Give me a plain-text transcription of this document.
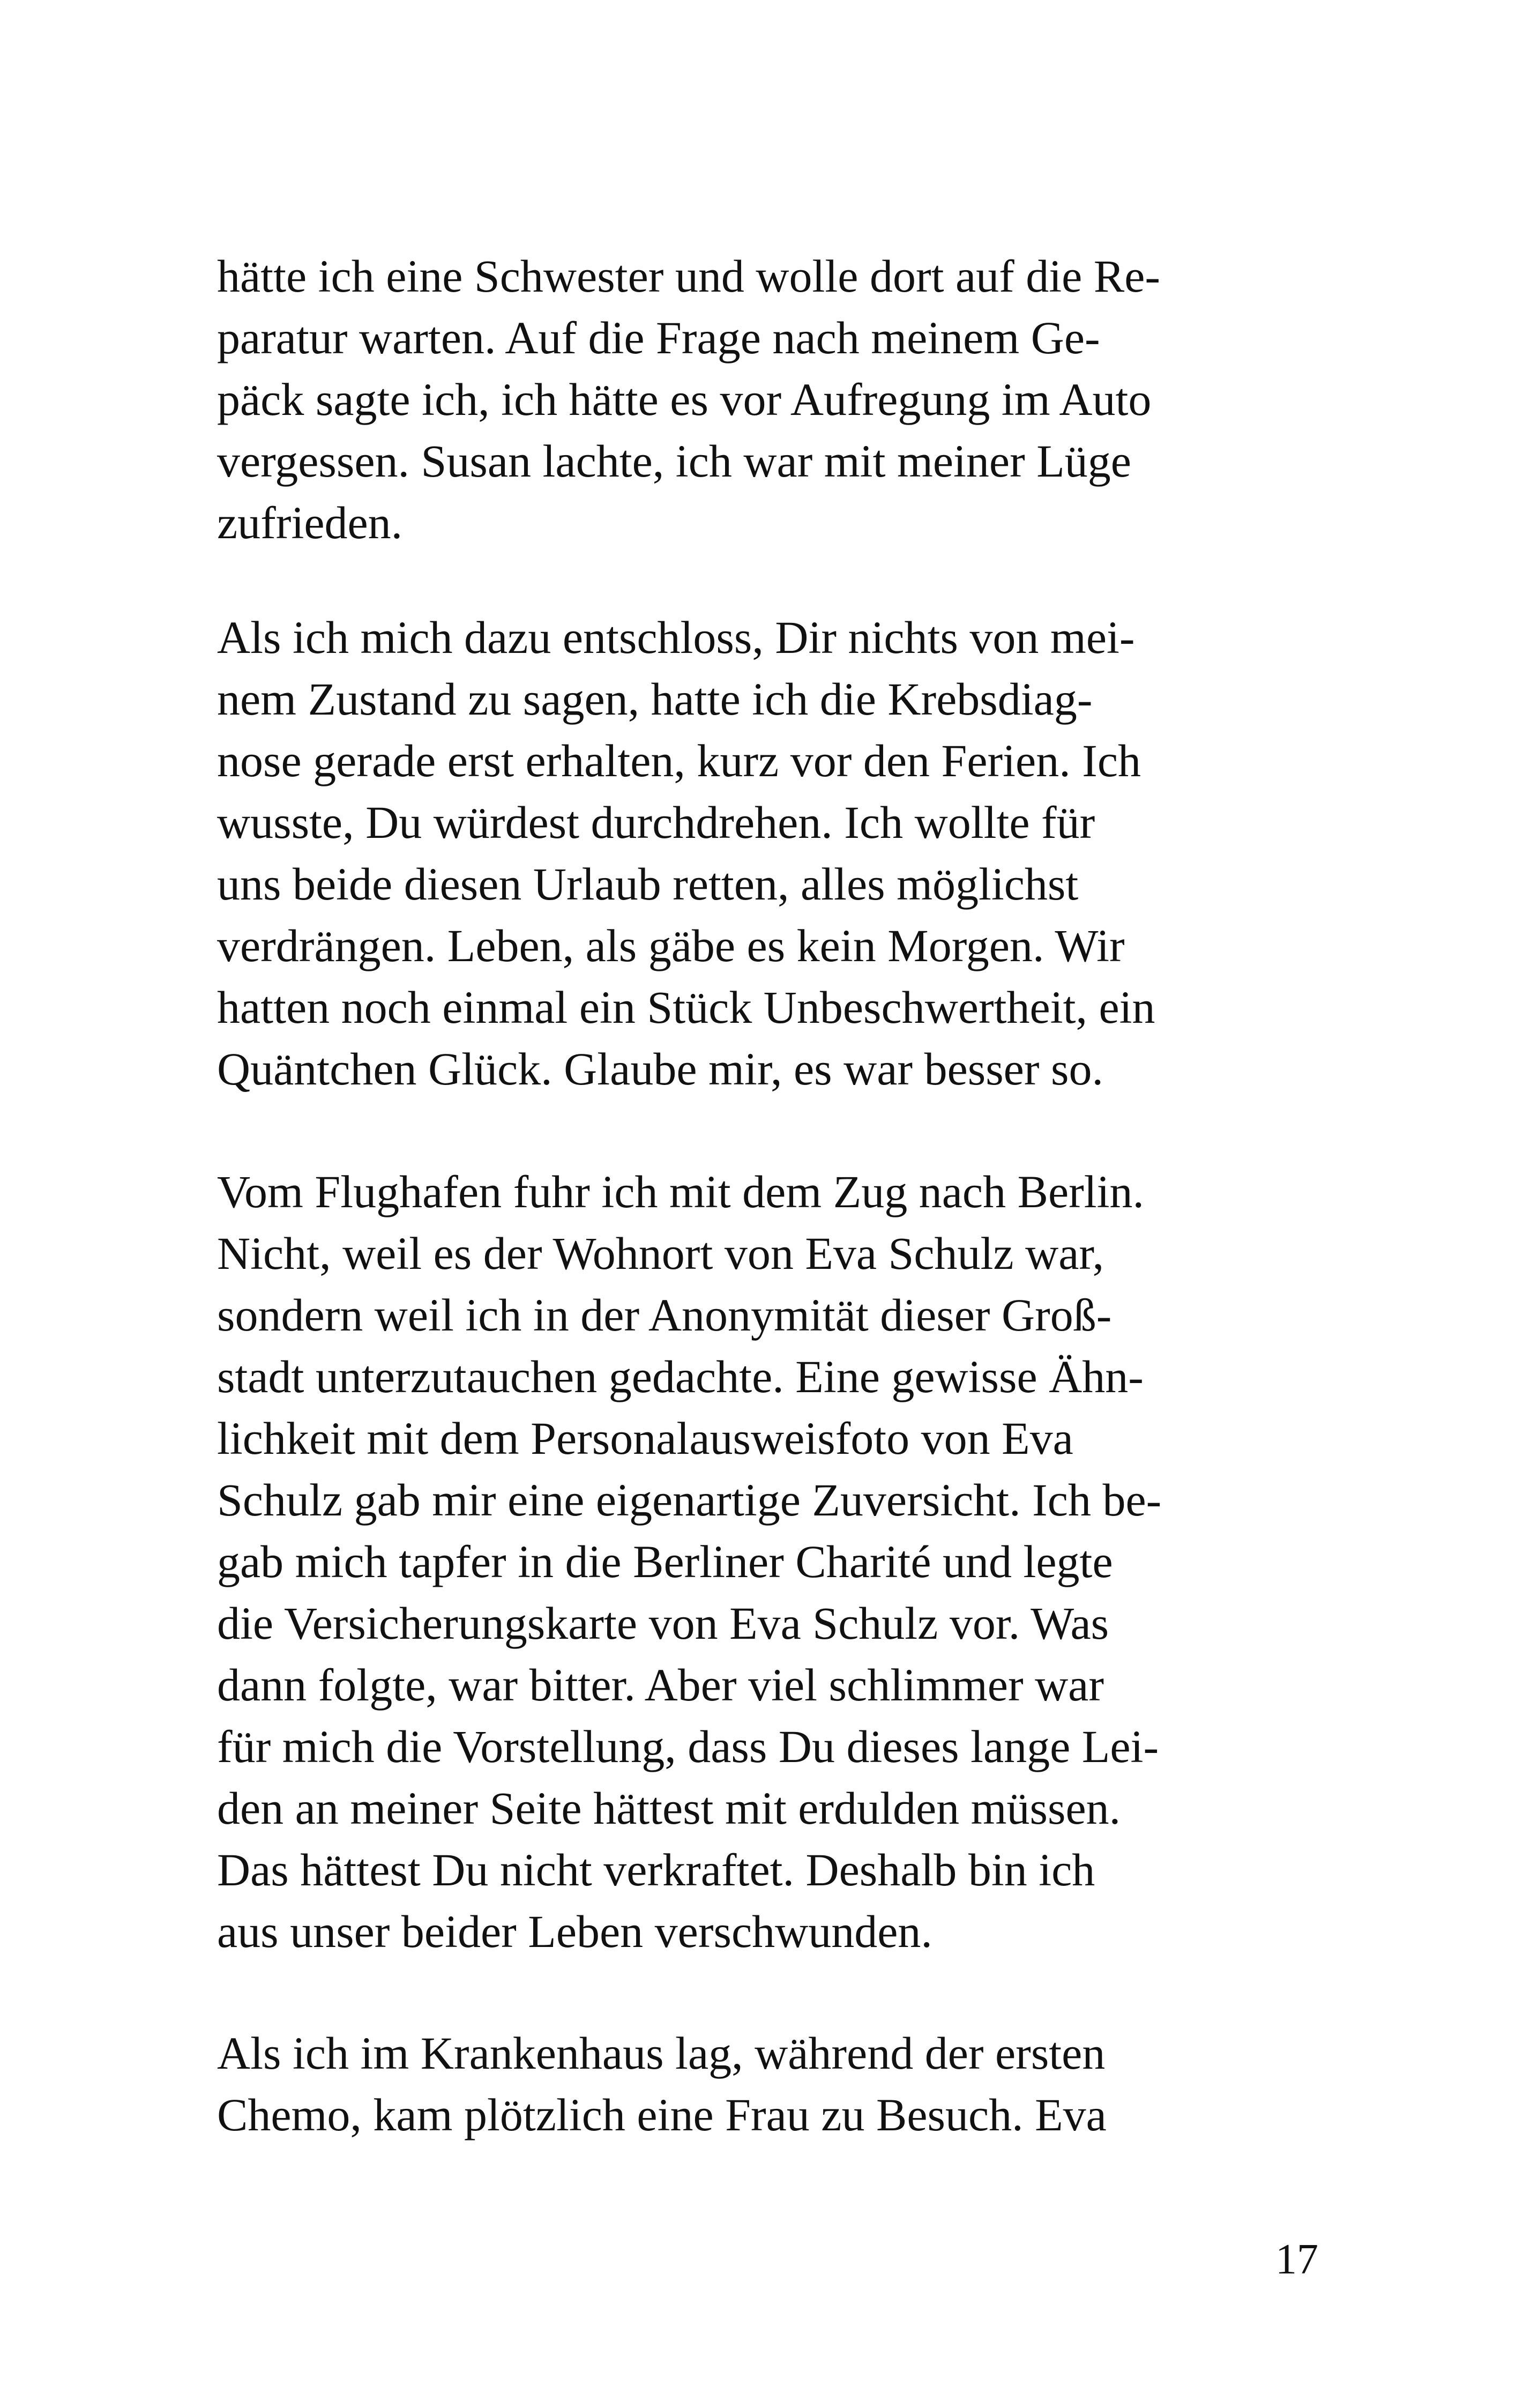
hätte ich eine Schwester und wolle dort auf die Re-
paratur warten. Auf die Frage nach meinem Ge-
päck sagte ich, ich hätte es vor Aufregung im Auto
vergessen. Susan lachte, ich war mit meiner Lüge
zufrieden.
Als ich mich dazu entschloss, Dir nichts von mei-
nem Zustand zu sagen, hatte ich die Krebsdiag-
nose gerade erst erhalten, kurz vor den Ferien. Ich
wusste, Du würdest durchdrehen. Ich wollte für
uns beide diesen Urlaub retten, alles möglichst
verdrängen. Leben, als gäbe es kein Morgen. Wir
hatten noch einmal ein Stück Unbeschwertheit, ein
Quäntchen Glück. Glaube mir, es war besser so.
Vom Flughafen fuhr ich mit dem Zug nach Berlin.
Nicht, weil es der Wohnort von Eva Schulz war,
sondern weil ich in der Anonymität dieser Groß-
stadt unterzutauchen gedachte. Eine gewisse Ähn-
lichkeit mit dem Personalausweisfoto von Eva
Schulz gab mir eine eigenartige Zuversicht. Ich be-
gab mich tapfer in die Berliner Charité und legte
die Versicherungskarte von Eva Schulz vor. Was
dann folgte, war bitter. Aber viel schlimmer war
für mich die Vorstellung, dass Du dieses lange Lei-
den an meiner Seite hättest mit erdulden müssen.
Das hättest Du nicht verkraftet. Deshalb bin ich
aus unser beider Leben verschwunden.
Als ich im Krankenhaus lag, während der ersten
Chemo, kam plötzlich eine Frau zu Besuch. Eva
17
